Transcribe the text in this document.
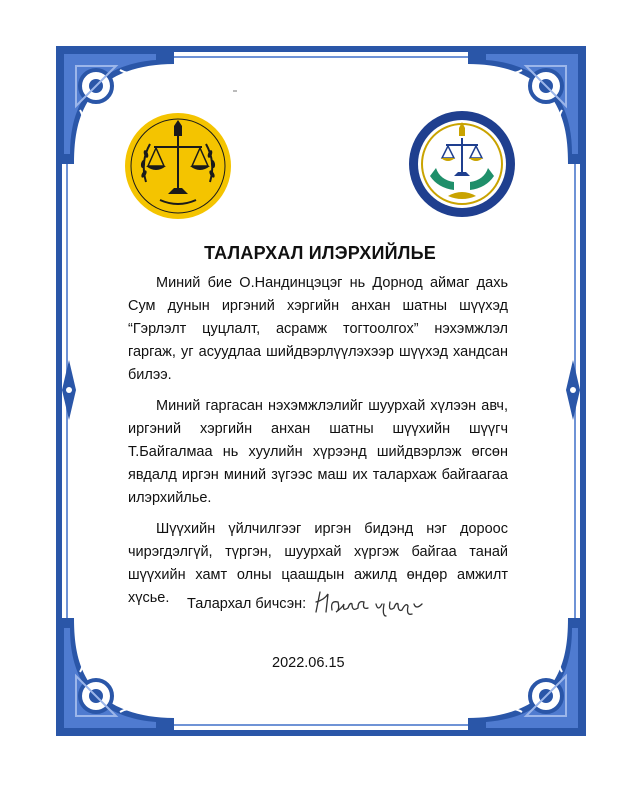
ТАЛАРХАЛ ИЛЭРХИЙЛЬЕ

Миний бие О.Нандинцэцэг нь Дорнод аймаг дахь Сум дунын иргэний хэргийн анхан шатны шүүхэд “Гэрлэлт цуцлалт, асрамж тогтоолгох” нэхэмжлэл гаргаж, уг асуудлаа шийдвэрлүүлэхээр шүүхэд хандсан билээ.

Миний гаргасан нэхэмжлэлийг шуурхай хүлээн авч, иргэний хэргийн анхан шатны шүүхийн шүүгч Т.Байгалмаа нь хуулийн хүрээнд шийдвэрлэж өгсөн явдалд иргэн миний зүгээс маш их талархаж байгаагаа илэрхийлье.

Шүүхийн үйлчилгээг иргэн бидэнд нэг дороос чирэгдэлгүй, түргэн, шуурхай хүргэж байгаа танай шүүхийн хамт олны цаашдын ажилд өндөр амжилт хүсье.	Талархал бичсэн:
2022.06.15
